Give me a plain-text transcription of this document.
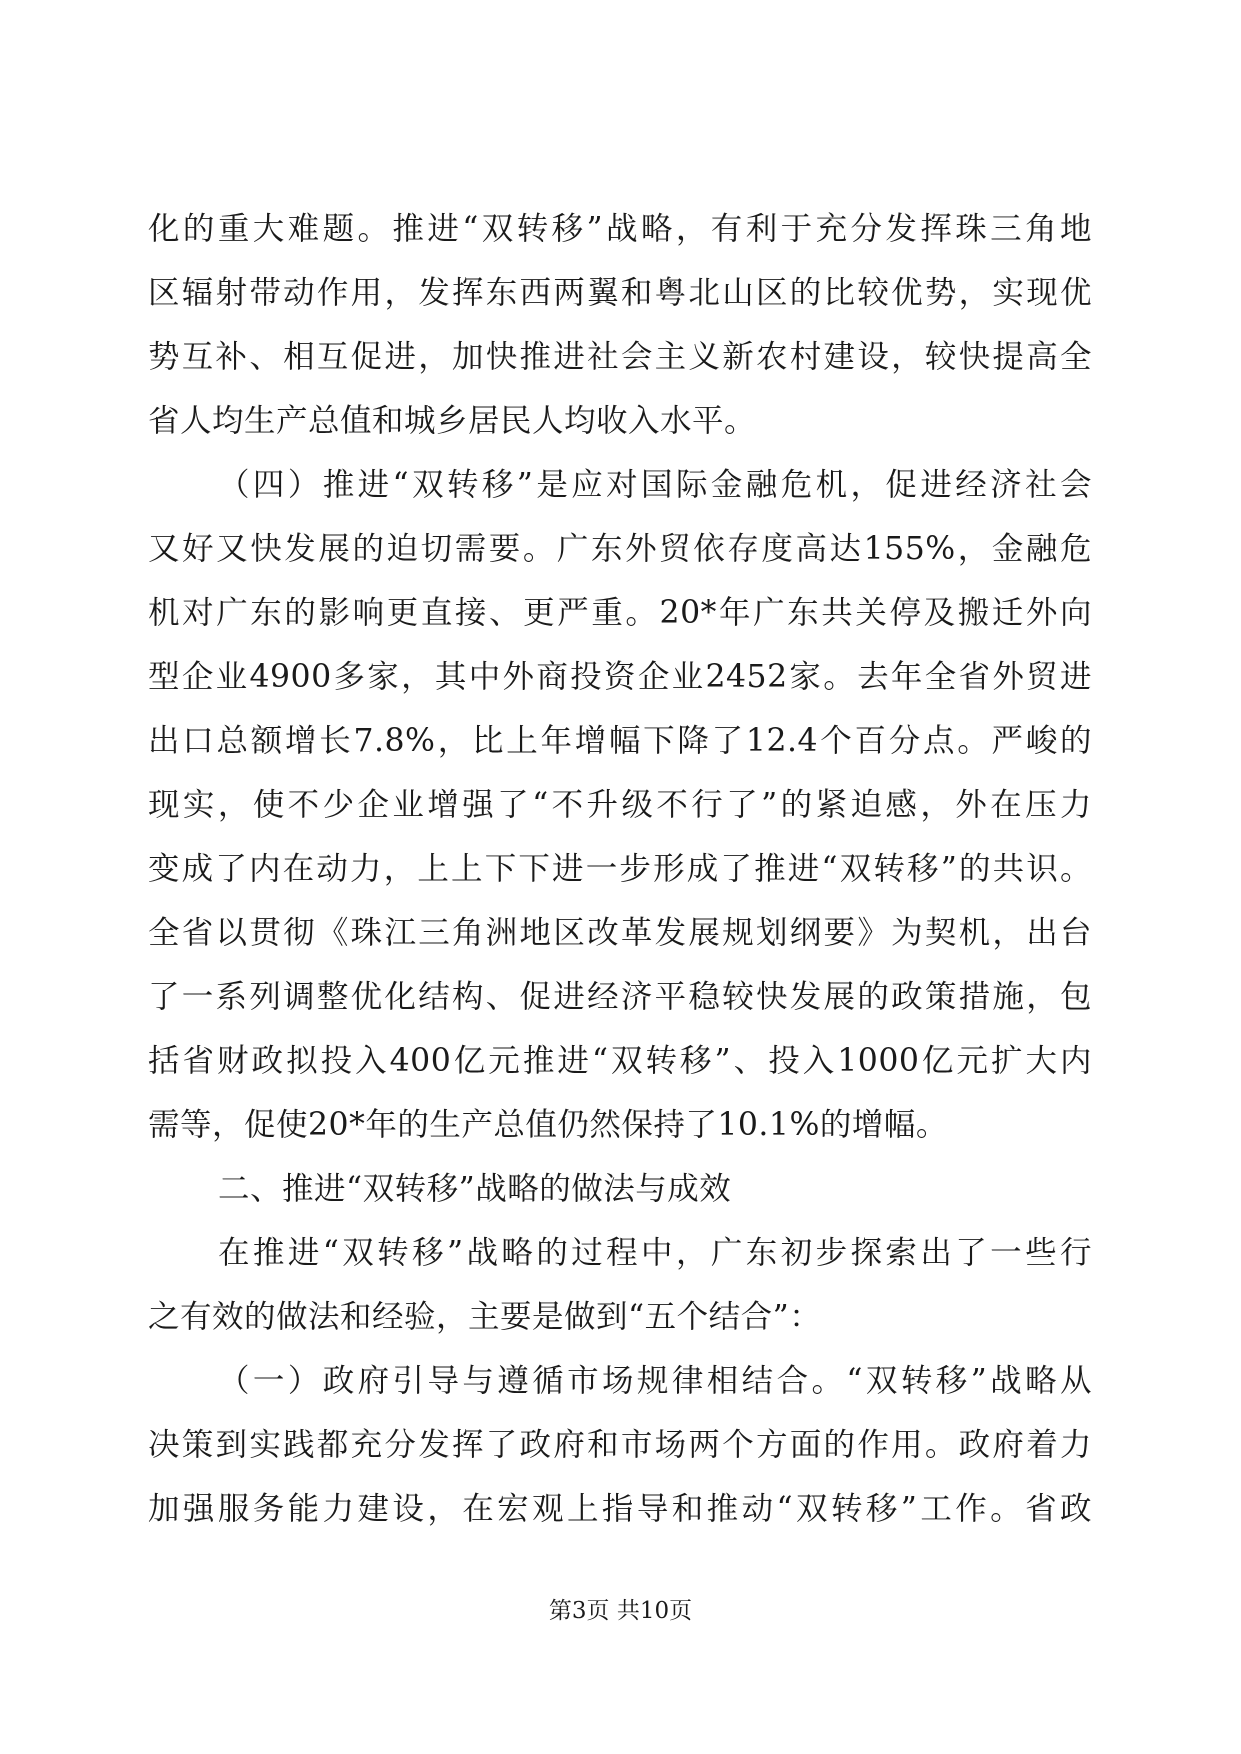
化的重大难题。推进“双转移”战略，有利于充分发挥珠三角地
区辐射带动作用，发挥东西两翼和粤北山区的比较优势，实现优
势互补、相互促进，加快推进社会主义新农村建设，较快提高全
省人均生产总值和城乡居民人均收入水平。
（四）推进“双转移”是应对国际金融危机，促进经济社会
又好又快发展的迫切需要。广东外贸依存度高达155%，金融危
机对广东的影响更直接、更严重。20*年广东共关停及搬迁外向
型企业4900多家，其中外商投资企业2452家。去年全省外贸进
出口总额增长7.8%，比上年增幅下降了12.4个百分点。严峻的
现实，使不少企业增强了“不升级不行了”的紧迫感，外在压力
变成了内在动力，上上下下进一步形成了推进“双转移”的共识。
全省以贯彻《珠江三角洲地区改革发展规划纲要》为契机，出台
了一系列调整优化结构、促进经济平稳较快发展的政策措施，包
括省财政拟投入400亿元推进“双转移”、投入1000亿元扩大内
需等，促使20*年的生产总值仍然保持了10.1%的增幅。
二、推进“双转移”战略的做法与成效
在推进“双转移”战略的过程中，广东初步探索出了一些行
之有效的做法和经验，主要是做到“五个结合”：
（一）政府引导与遵循市场规律相结合。“双转移”战略从
决策到实践都充分发挥了政府和市场两个方面的作用。政府着力
加强服务能力建设，在宏观上指导和推动“双转移”工作。省政
第3页 共10页
